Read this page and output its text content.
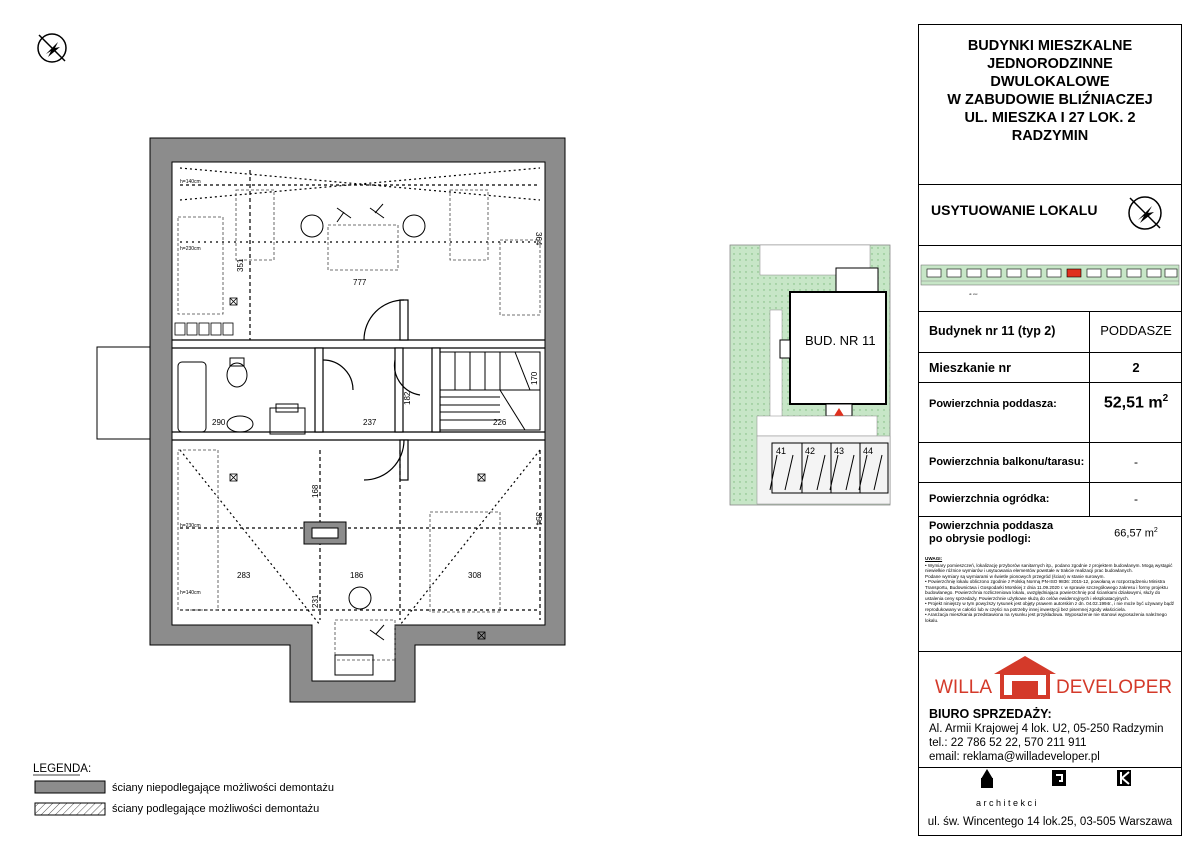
777
351
364
290	237	226
182
170
168
354
283	186	308
231
h=140cm
h=230cm
h=230cm
h=140cm
LEGENDA:
ściany niepodlegające możliwości demontażu
ściany podlegające możliwości demontażu
BUD. NR 11
41 42 43 44
BUDYNKI MIESZKALNE
JEDNORODZINNE
DWULOKALOWE
W ZABUDOWIE BLIŹNIACZEJ
UL. MIESZKA I 27 LOK. 2
RADZYMIN
USYTUOWANIE LOKALU
ul. xxx
Budynek nr 11 (typ 2)	PODDASZE
Mieszkanie nr	2
Powierzchnia poddasza:	52,51 $m^2$
Powierzchnia balkonu/tarasu:	-
Powierzchnia ogródka:	-
Powierzchnia poddasza
po obrysie podlogi:	66,57 $m^2$
UWAGI:
• Wymiary pomieszczeń, lokalizację przyborów sanitarnych itp., podano zgodnie z projektem budowlanym. Mogą wystąpić niewielkie różnice wymiarów i usytuowania elementów powstałe w trakcie realizacji prac budowlanych.
Podane wymiary są wymiarami w świetle pionowych przegród (ścian) w stanie surowym.
• Powierzchnię lokalu obliczono zgodnie z Polską Normą PN-ISO 9836: 2015-12, powołaną w rozporządzeniu Ministra Transportu, Budownictwa i Gospodarki Morskiej z dnia 11.09.2020 r. w sprawie szczegółowego zakresu i formy projektu budowlanego. Powierzchnia rozliczeniowa lokalu, uwzględniająca powierzchnię pod ściankami działowymi, służy do ustalenia ceny sprzedaży. Powierzchnie użytkowe służą do celów ewidencyjnych i eksploatacyjnych.
• Projekt niniejszy w tym powyższy rysunek jest objęty prawem autorskim z dn. 04.02.1994r., i nie może być używany bądź reprodukowany w całości lub w części na potrzeby innej inwestycji bez pisemnej zgody właściciela.
• Aranżacja mieszkania przedstawiona na rysunku jest przykładowa. Wyposażenie nie stanowi wyposażenia należnego lokalu.
WILLA	DEVELOPER
BIURO SPRZEDAŻY:
Al. Armii Krajowej 4 lok. U2, 05-250 Radzymin
tel.: 22 786 52 22, 570 211 911
email: reklama@willadeveloper.pl
a r c h i t e k c i
ul. św. Wincentego 14 lok.25, 03-505 Warszawa
